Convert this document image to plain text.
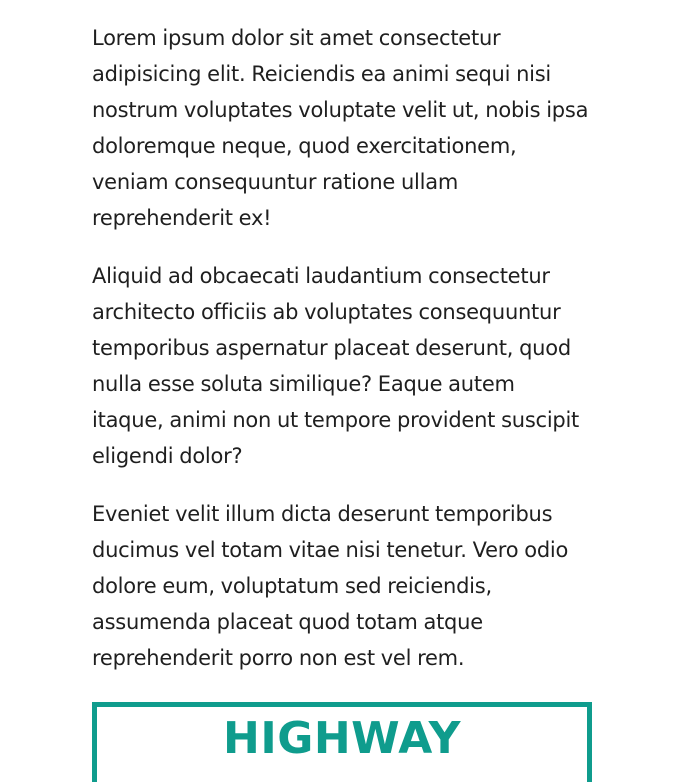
Lorem ipsum dolor sit amet consectetur adipisicing elit. Reiciendis ea animi sequi nisi nostrum voluptates voluptate velit ut, nobis ipsa doloremque neque, quod exercitationem, veniam consequuntur ratione ullam reprehenderit ex!

Aliquid ad obcaecati laudantium consectetur architecto officiis ab voluptates consequuntur temporibus aspernatur placeat deserunt, quod nulla esse soluta similique? Eaque autem itaque, animi non ut tempore provident suscipit eligendi dolor?

Eveniet velit illum dicta deserunt temporibus ducimus vel totam vitae nisi tenetur. Vero odio dolore eum, voluptatum sed reiciendis, assumenda placeat quod totam atque reprehenderit porro non est vel rem.

HIGHWAY
